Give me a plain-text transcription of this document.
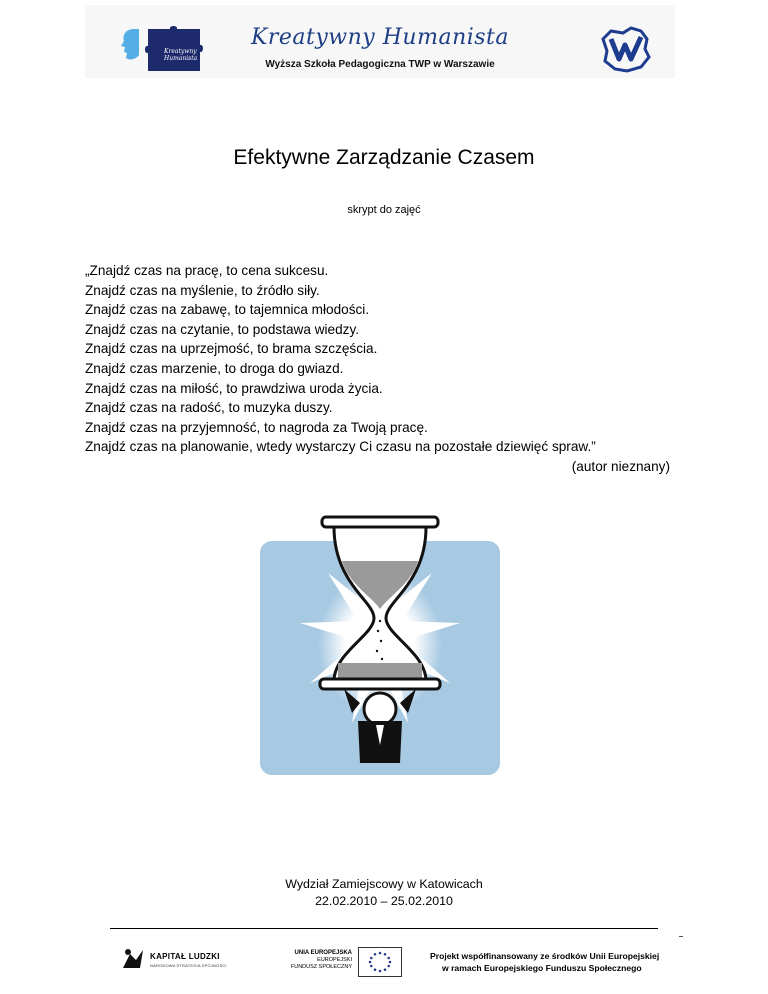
Kreatywny
Humanista
Kreatywny Humanista
Wyższa Szkoła Pedagogiczna TWP w Warszawie
Efektywne Zarządzanie Czasem
skrypt do zajęć
„Znajdź czas na pracę, to cena sukcesu.
Znajdź czas na myślenie, to źródło siły.
Znajdź czas na zabawę, to tajemnica młodości.
Znajdź czas na czytanie, to podstawa wiedzy.
Znajdź czas na uprzejmość, to brama szczęścia.
Znajdź czas marzenie, to droga do gwiazd.
Znajdź czas na miłość, to prawdziwa uroda życia.
Znajdź czas na radość, to muzyka duszy.
Znajdź czas na przyjemność, to nagroda za Twoją pracę.
Znajdź czas na planowanie, wtedy wystarczy Ci czasu na pozostałe dziewięć spraw.”
(autor nieznany)
Wydział Zamiejscowy w Katowicach
22.02.2010 – 25.02.2010
KAPITAŁ LUDZKI
NARODOWA STRATEGIA SPÓJNOŚCI
UNIA EUROPEJSKA
EUROPEJSKI
FUNDUSZ SPOŁECZNY
Projekt współfinansowany ze środków Unii Europejskiej
w ramach Europejskiego Funduszu Społecznego
